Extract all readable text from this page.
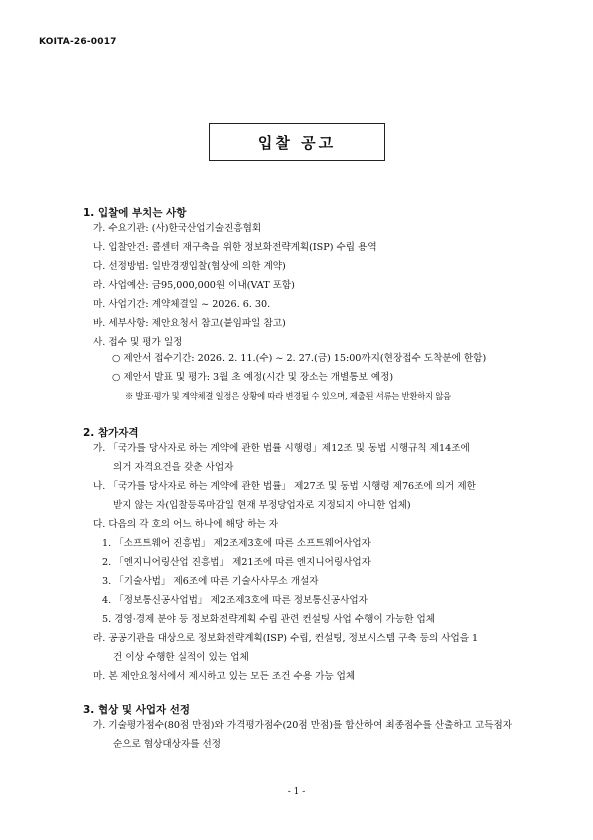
KOITA-26-0017
입찰 공고
1. 입찰에 부치는 사항
가. 수요기관: (사)한국산업기술진흥협회
나. 입찰안건: 콜센터 재구축을 위한 정보화전략계획(ISP) 수립 용역
다. 선정방법: 일반경쟁입찰(협상에 의한 계약)
라. 사업예산: 금95,000,000원 이내(VAT 포함)
마. 사업기간: 계약체결일 ~ 2026. 6. 30.
바. 세부사항: 제안요청서 참고(붙임파일 참고)
사. 접수 및 평가 일정
○ 제안서 접수기간: 2026. 2. 11.(수) ~ 2. 27.(금) 15:00까지(현장접수 도착분에 한함)
○ 제안서 발표 및 평가: 3월 초 예정(시간 및 장소는 개별통보 예정)
※ 발표·평가 및 계약체결 일정은 상황에 따라 변경될 수 있으며, 제출된 서류는 반환하지 않음
2. 참가자격
가. 「국가를 당사자로 하는 계약에 관한 법률 시행령」제12조 및 동법 시행규칙 제14조에
의거 자격요건을 갖춘 사업자
나. 「국가를 당사자로 하는 계약에 관한 법률」 제27조 및 동법 시행령 제76조에 의거 제한
받지 않는 자(입찰등록마감일 현재 부정당업자로 지정되지 아니한 업체)
다. 다음의 각 호의 어느 하나에 해당 하는 자
1. 「소프트웨어 진흥법」 제2조제3호에 따른 소프트웨어사업자
2. 「엔지니어링산업 진흥법」 제21조에 따른 엔지니어링사업자
3. 「기술사법」 제6조에 따른 기술사사무소 개설자
4. 「정보통신공사업법」 제2조제3호에 따른 정보통신공사업자
5. 경영·경제 분야 등 정보화전략계획 수립 관련 컨설팅 사업 수행이 가능한 업체
라. 공공기관을 대상으로 정보화전략계획(ISP) 수립, 컨설팅, 정보시스템 구축 등의 사업을 1
건 이상 수행한 실적이 있는 업체
마. 본 제안요청서에서 제시하고 있는 모든 조건 수용 가능 업체
3. 협상 및 사업자 선정
가. 기술평가점수(80점 만점)와 가격평가점수(20점 만점)를 합산하여 최종점수를 산출하고 고득점자
순으로 협상대상자를 선정
- 1 -
